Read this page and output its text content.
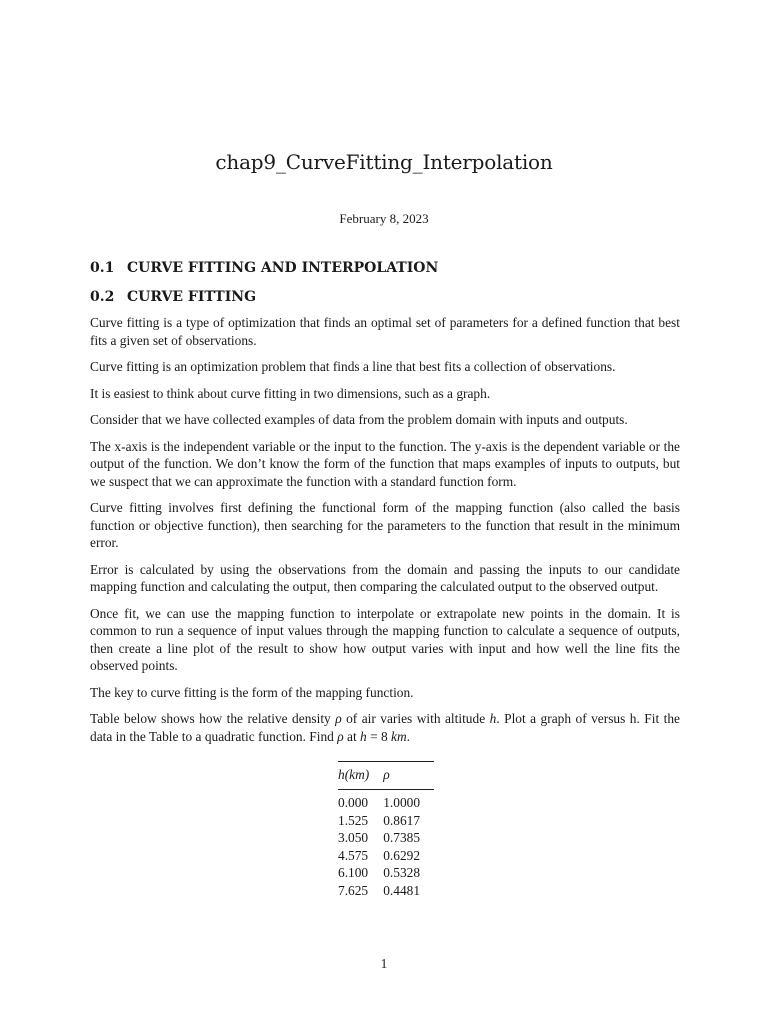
chap9_CurveFitting_Interpolation
February 8, 2023
0.1 CURVE FITTING AND INTERPOLATION
0.2 CURVE FITTING

Curve fitting is a type of optimization that finds an optimal set of parameters for a defined function that best fits a given set of observations.

Curve fitting is an optimization problem that finds a line that best fits a collection of observations.

It is easiest to think about curve fitting in two dimensions, such as a graph.

Consider that we have collected examples of data from the problem domain with inputs and outputs.

The x-axis is the independent variable or the input to the function. The y-axis is the dependent variable or the output of the function. We don’t know the form of the function that maps examples of inputs to outputs, but we suspect that we can approximate the function with a standard function form.

Curve fitting involves first defining the functional form of the mapping function (also called the basis function or objective function), then searching for the parameters to the function that result in the minimum error.

Error is calculated by using the observations from the domain and passing the inputs to our candidate mapping function and calculating the output, then comparing the calculated output to the observed output.

Once fit, we can use the mapping function to interpolate or extrapolate new points in the domain. It is common to run a sequence of input values through the mapping function to calculate a sequence of outputs, then create a line plot of the result to show how output varies with input and how well the line fits the observed points.

The key to curve fitting is the form of the mapping function.

Table below shows how the relative density ρ of air varies with altitude h. Plot a graph of versus h. Fit the data in the Table to a quadratic function. Find ρ at h = 8 km.

h(km)	ρ
0.000	1.0000
1.525	0.8617
3.050	0.7385
4.575	0.6292
6.100	0.5328
7.625	0.4481
1
